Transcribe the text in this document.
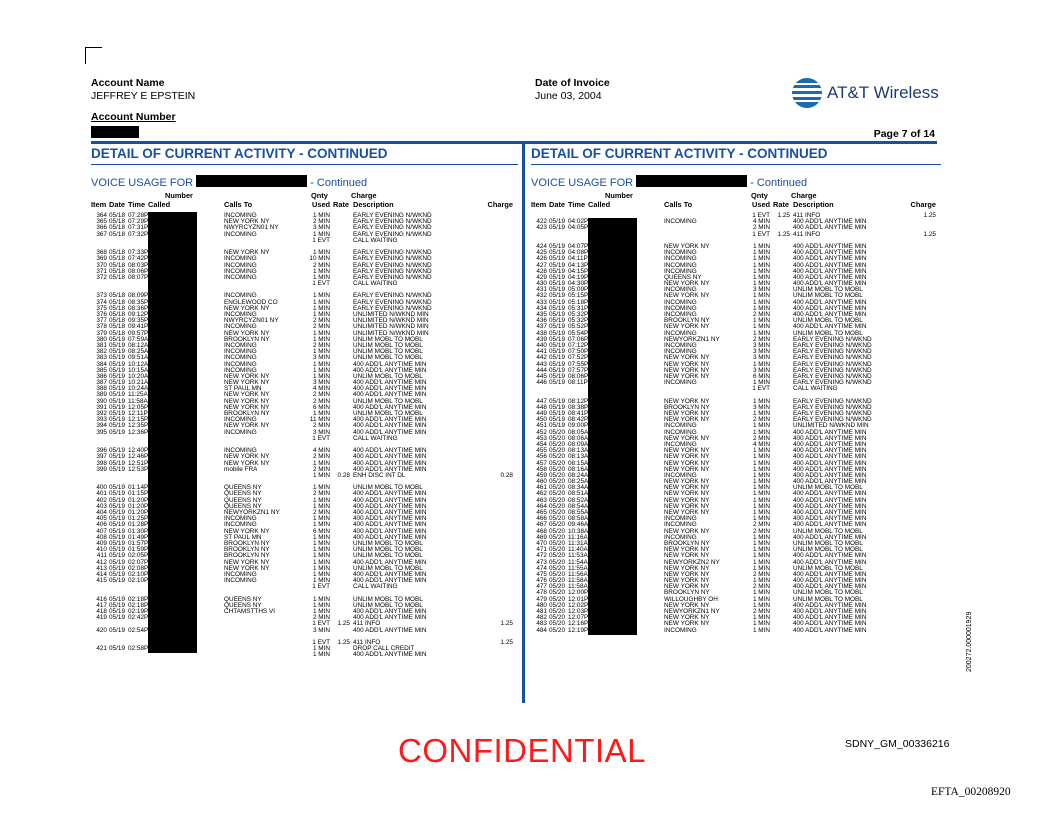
Account Name
JEFFREY E EPSTEIN
Account Number
Date of Invoice
June 03, 2004	AT&T Wireless
Page 7 of 14
DETAIL OF CURRENT ACTIVITY - CONTINUED
VOICE USAGE FOR	- Continued
Number	Qnty	Charge
Item Date Time Called	Calls To	Used Rate Description	Charge
364 05/18 07:28P	INCOMING	1 MIN	EARLY EVENING N/WKND
365 05/18 07:29P	NEW YORK NY	2 MIN	EARLY EVENING N/WKND
366 05/18 07:31P	NWYRCYZN01 NY	3 MIN	EARLY EVENING N/WKND
367 05/18 07:32P	INCOMING	1 MIN	EARLY EVENING N/WKND
1 EVT	CALL WAITING
368 05/18 07:33P	NEW YORK NY	1 MIN	EARLY EVENING N/WKND
369 05/18 07:42P	INCOMING	10 MIN	EARLY EVENING N/WKND
370 05/18 08:03P	INCOMING	2 MIN	EARLY EVENING N/WKND
371 05/18 08:06P	INCOMING	1 MIN	EARLY EVENING N/WKND
372 05/18 08:07P	INCOMING	1 MIN	EARLY EVENING N/WKND
1 EVT	CALL WAITING
373 05/18 08:09P	INCOMING	1 MIN	EARLY EVENING N/WKND
374 05/18 08:35P	ENGLEWOOD CO	1 MIN	EARLY EVENING N/WKND
375 05/18 08:36P	NEW YORK NY	1 MIN	EARLY EVENING N/WKND
376 05/18 09:12P	INCOMING	1 MIN	UNLIMITED N/WKND MIN
377 05/18 09:35P	NWYRCYZN01 NY	2 MIN	UNLIMITED N/WKND MIN
378 05/18 09:41P	INCOMING	2 MIN	UNLIMITED N/WKND MIN
379 05/18 09:57P	NEW YORK NY	1 MIN	UNLIMITED N/WKND MIN
380 05/19 07:59A	BROOKLYN NY	1 MIN	UNLIM MOBL TO MOBL
381 05/19 08:12A	INCOMING	2 MIN	UNLIM MOBL TO MOBL
382 05/19 08:25A	INCOMING	1 MIN	UNLIM MOBL TO MOBL
383 05/19 09:51A	INCOMING	3 MIN	UNLIM MOBL TO MOBL
384 05/19 10:12A	INCOMING	1 MIN	400 ADD'L ANYTIME MIN
385 05/19 10:15A	INCOMING	1 MIN	400 ADD'L ANYTIME MIN
386 05/19 10:20A	NEW YORK NY	1 MIN	UNLIM MOBL TO MOBL
387 05/19 10:21A	NEW YORK NY	3 MIN	400 ADD'L ANYTIME MIN
388 05/19 10:24A	ST PAUL MN	4 MIN	400 ADD'L ANYTIME MIN
389 05/19 11:25A	NEW YORK NY	2 MIN	400 ADD'L ANYTIME MIN
390 05/19 11:58A	NEW YORK NY	2 MIN	UNLIM MOBL TO MOBL
391 05/19 12:05P	NEW YORK NY	6 MIN	400 ADD'L ANYTIME MIN
392 05/19 12:11P	BROOKLYN NY	1 MIN	UNLIM MOBL TO MOBL
393 05/19 12:15P	INCOMING	11 MIN	400 ADD'L ANYTIME MIN
394 05/19 12:35P	NEW YORK NY	2 MIN	400 ADD'L ANYTIME MIN
395 05/19 12:36P	INCOMING	3 MIN	400 ADD'L ANYTIME MIN
1 EVT	CALL WAITING
396 05/19 12:40P	INCOMING	4 MIN	400 ADD'L ANYTIME MIN
397 05/19 12:46P	NEW YORK NY	2 MIN	400 ADD'L ANYTIME MIN
398 05/19 12:51P	NEW YORK NY	1 MIN	400 ADD'L ANYTIME MIN
399 05/19 12:53P	mobile FRA	2 MIN	400 ADD'L ANYTIME MIN
1 MIN 0.28 ENH DISC INT DL	0.28
400 05/19 01:14P	QUEENS NY	1 MIN	UNLIM MOBL TO MOBL
401 05/19 01:15P	QUEENS NY	2 MIN	400 ADD'L ANYTIME MIN
402 05/19 01:20P	QUEENS NY	1 MIN	400 ADD'L ANYTIME MIN
403 05/19 01:20P	QUEENS NY	1 MIN	400 ADD'L ANYTIME MIN
404 05/19 01:20P	NEWYORKZN1 NY	2 MIN	400 ADD'L ANYTIME MIN
405 05/19 01:25P	INCOMING	1 MIN	400 ADD'L ANYTIME MIN
406 05/19 01:28P	INCOMING	1 MIN	400 ADD'L ANYTIME MIN
407 05/19 01:30P	NEW YORK NY	6 MIN	400 ADD'L ANYTIME MIN
408 05/19 01:49P	ST PAUL MN	1 MIN	400 ADD'L ANYTIME MIN
409 05/19 01:57P	BROOKLYN NY	1 MIN	UNLIM MOBL TO MOBL
410 05/19 01:59P	BROOKLYN NY	1 MIN	UNLIM MOBL TO MOBL
411 05/19 02:05P	BROOKLYN NY	1 MIN	UNLIM MOBL TO MOBL
412 05/19 02:07P	NEW YORK NY	1 MIN	400 ADD'L ANYTIME MIN
413 05/19 02:08P	NEW YORK NY	1 MIN	UNLIM MOBL TO MOBL
414 05/19 02:10P	INCOMING	1 MIN	400 ADD'L ANYTIME MIN
415 05/19 02:10P	INCOMING	1 MIN	400 ADD'L ANYTIME MIN
1 EVT	CALL WAITING
416 05/19 02:18P	QUEENS NY	1 MIN	UNLIM MOBL TO MOBL
417 05/19 02:18P	QUEENS NY	1 MIN	UNLIM MOBL TO MOBL
418 05/19 02:19P	CHTAMSTTHS VI	1 MIN	400 ADD'L ANYTIME MIN
419 05/19 02:42P	2 MIN	400 ADD'L ANYTIME MIN
1 EVT 1.25 411 INFO	1.25
420 05/19 02:54P	3 MIN	400 ADD'L ANYTIME MIN
1 EVT 1.25 411 INFO	1.25
421 05/19 02:58P	1 MIN	DROP CALL CREDIT
1 MIN	400 ADD'L ANYTIME MIN
DETAIL OF CURRENT ACTIVITY - CONTINUED
VOICE USAGE FOR	- Continued
Number	Qnty	Charge
Item Date Time Called	Calls To	Used Rate Description	Charge
1 EVT 1.25 411 INFO	1.25
422 05/19 04:02P	INCOMING	4 MIN	400 ADD'L ANYTIME MIN
423 05/19 04:05P	2 MIN	400 ADD'L ANYTIME MIN
1 EVT 1.25 411 INFO	1.25
424 05/19 04:07P	NEW YORK NY	1 MIN	400 ADD'L ANYTIME MIN
425 05/19 04:08P	INCOMING	1 MIN	400 ADD'L ANYTIME MIN
426 05/19 04:11P	INCOMING	1 MIN	400 ADD'L ANYTIME MIN
427 05/19 04:13P	INCOMING	1 MIN	400 ADD'L ANYTIME MIN
428 05/19 04:15P	INCOMING	1 MIN	400 ADD'L ANYTIME MIN
429 05/19 04:19P	QUEENS NY	1 MIN	400 ADD'L ANYTIME MIN
430 05/19 04:30P	NEW YORK NY	1 MIN	400 ADD'L ANYTIME MIN
431 05/19 05:09P	INCOMING	3 MIN	UNLIM MOBL TO MOBL
432 05/19 05:15P	NEW YORK NY	1 MIN	UNLIM MOBL TO MOBL
433 05/19 05:18P	INCOMING	1 MIN	400 ADD'L ANYTIME MIN
434 05/19 05:31P	INCOMING	1 MIN	400 ADD'L ANYTIME MIN
435 05/19 05:32P	INCOMING	2 MIN	400 ADD'L ANYTIME MIN
436 05/19 05:32P	BROOKLYN NY	1 MIN	UNLIM MOBL TO MOBL
437 05/19 05:52P	NEW YORK NY	1 MIN	400 ADD'L ANYTIME MIN
438 05/19 05:54P	INCOMING	1 MIN	UNLIM MOBL TO MOBL
439 05/19 07:06P	NEWYORKZN1 NY	2 MIN	EARLY EVENING N/WKND
440 05/19 07:12P	INCOMING	3 MIN	EARLY EVENING N/WKND
441 05/19 07:50P	INCOMING	3 MIN	EARLY EVENING N/WKND
442 05/19 07:52P	NEW YORK NY	3 MIN	EARLY EVENING N/WKND
443 05/19 07:55P	NEW YORK NY	1 MIN	EARLY EVENING N/WKND
444 05/19 07:57P	NEW YORK NY	3 MIN	EARLY EVENING N/WKND
445 05/19 08:06P	NEW YORK NY	6 MIN	EARLY EVENING N/WKND
446 05/19 08:11P	INCOMING	1 MIN	EARLY EVENING N/WKND
1 EVT	CALL WAITING
447 05/19 08:12P	NEW YORK NY	1 MIN	EARLY EVENING N/WKND
448 05/19 08:38P	BROOKLYN NY	3 MIN	EARLY EVENING N/WKND
449 05/19 08:41P	NEW YORK NY	1 MIN	EARLY EVENING N/WKND
450 05/19 08:42P	NEW YORK NY	2 MIN	EARLY EVENING N/WKND
451 05/19 09:00P	INCOMING	1 MIN	UNLIMITED N/WKND MIN
452 05/20 08:05A	INCOMING	1 MIN	400 ADD'L ANYTIME MIN
453 05/20 08:06A	NEW YORK NY	2 MIN	400 ADD'L ANYTIME MIN
454 05/20 08:09A	INCOMING	4 MIN	400 ADD'L ANYTIME MIN
455 05/20 08:13A	NEW YORK NY	1 MIN	400 ADD'L ANYTIME MIN
456 05/20 08:13A	NEW YORK NY	1 MIN	400 ADD'L ANYTIME MIN
457 05/20 08:15A	NEW YORK NY	1 MIN	400 ADD'L ANYTIME MIN
458 05/20 08:16A	NEW YORK NY	1 MIN	400 ADD'L ANYTIME MIN
459 05/20 08:24A	INCOMING	1 MIN	400 ADD'L ANYTIME MIN
460 05/20 08:25A	NEW YORK NY	1 MIN	400 ADD'L ANYTIME MIN
461 05/20 08:34A	NEW YORK NY	1 MIN	UNLIM MOBL TO MOBL
462 05/20 08:51A	NEW YORK NY	1 MIN	400 ADD'L ANYTIME MIN
463 05/20 08:52A	NEW YORK NY	1 MIN	400 ADD'L ANYTIME MIN
464 05/20 08:54A	NEW YORK NY	1 MIN	400 ADD'L ANYTIME MIN
465 05/20 08:55A	NEW YORK NY	1 MIN	400 ADD'L ANYTIME MIN
466 05/20 08:58A	INCOMING	1 MIN	400 ADD'L ANYTIME MIN
467 05/20 09:46A	INCOMING	2 MIN	400 ADD'L ANYTIME MIN
468 05/20 10:38A	NEW YORK NY	2 MIN	UNLIM MOBL TO MOBL
469 05/20 11:16A	INCOMING	1 MIN	400 ADD'L ANYTIME MIN
470 05/20 11:31A	BROOKLYN NY	1 MIN	UNLIM MOBL TO MOBL
471 05/20 11:40A	NEW YORK NY	1 MIN	UNLIM MOBL TO MOBL
472 05/20 11:53A	NEW YORK NY	1 MIN	400 ADD'L ANYTIME MIN
473 05/20 11:54A	NEWYORKZN2 NY	1 MIN	400 ADD'L ANYTIME MIN
474 05/20 11:55A	NEW YORK NY	1 MIN	UNLIM MOBL TO MOBL
475 05/20 11:56A	NEW YORK NY	2 MIN	400 ADD'L ANYTIME MIN
476 05/20 11:58A	NEW YORK NY	1 MIN	400 ADD'L ANYTIME MIN
477 05/20 11:58A	NEW YORK NY	2 MIN	400 ADD'L ANYTIME MIN
478 05/20 12:00P	BROOKLYN NY	1 MIN	UNLIM MOBL TO MOBL
479 05/20 12:01P	WILLOUGHBY OH	1 MIN	UNLIM MOBL TO MOBL
480 05/20 12:02P	NEW YORK NY	1 MIN	400 ADD'L ANYTIME MIN
481 05/20 12:03P	NEWYORKZN1 NY	2 MIN	400 ADD'L ANYTIME MIN
482 05/20 12:07P	NEW YORK NY	1 MIN	400 ADD'L ANYTIME MIN
483 05/20 12:16P	NEW YORK NY	1 MIN	400 ADD'L ANYTIME MIN
484 05/20 12:19P	INCOMING	1 MIN	400 ADD'L ANYTIME MIN
CONFIDENTIAL	SDNY_GM_00336216
EFTA_00208920
200272.000001929
